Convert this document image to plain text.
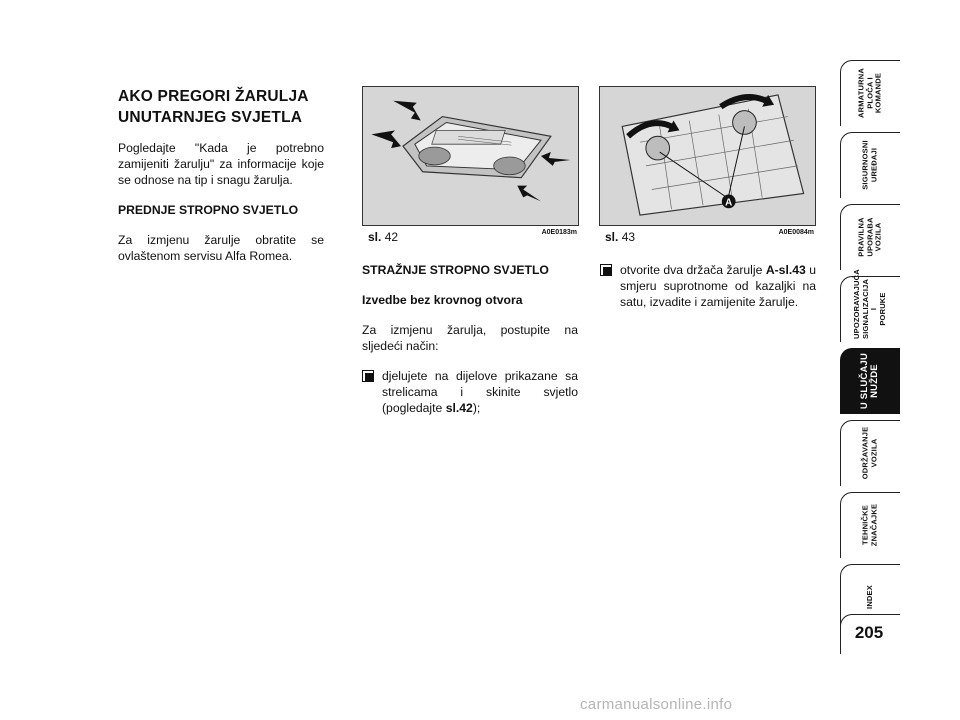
AKO PREGORI ŽARULJA
UNUTARNJEG SVJETLA

Pogledajte "Kada je potrebno zamijeniti žarulju" za informacije koje se odnose na tip i snagu žarulja.

PREDNJE STROPNO SVJETLO

Za izmjenu žarulje obratite se ovlaštenom servisu Alfa Romea.

sl. 42	A0E0183m
A
sl. 43	A0E0084m

STRAŽNJE STROPNO SVJETLO

Izvedbe bez krovnog otvora

Za izmjenu žarulja, postupite na sljedeći način:

djelujete na dijelove prikazane sa strelicama i skinite svjetlo (pogledajte sl.42);
otvorite dva držača žarulje A-sl.43 u smjeru suprotnome od kazaljki na satu, izvadite i zamijenite žarulje.
ARMATURNA
PLOČA I
KOMANDE
SIGURNOSNI
UREĐAJI
PRAVILNA
UPORABA
VOZILA
UPOZORAVAJUĆA
SIGNALIZACIJA I
PORUKE
U SLUČAJU
NUŽDE
ODRŽAVANJE
VOZILA
TEHNIČKE
ZNAČAJKE
INDEX
205
carmanualsonline.info
